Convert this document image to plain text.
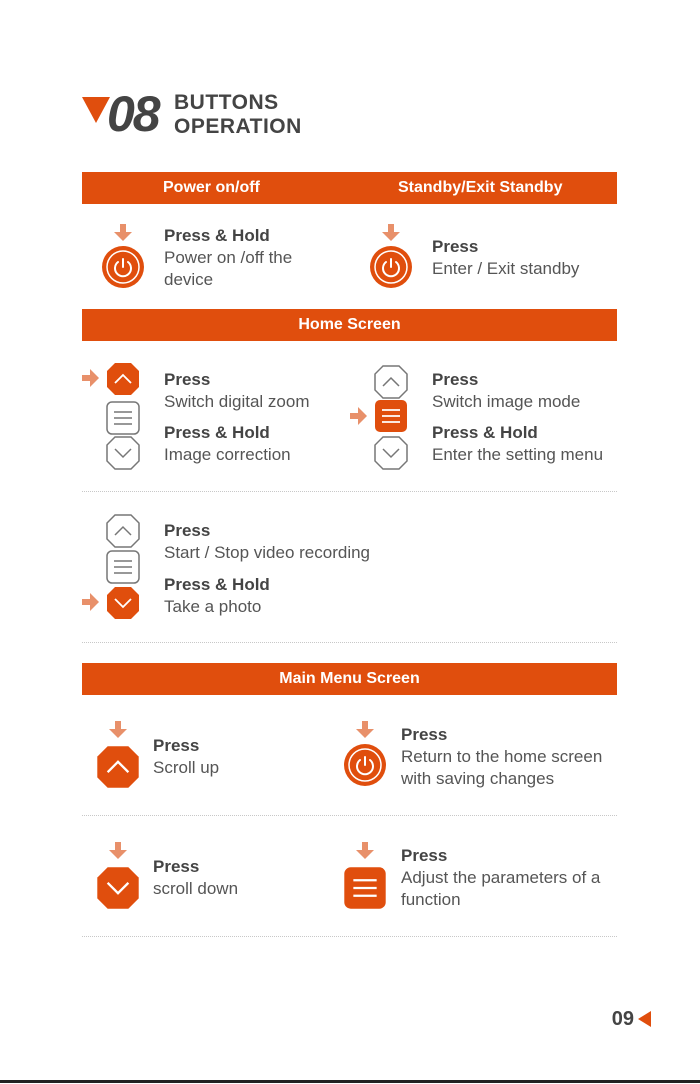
08 BUTTONS
OPERATION
Power on/off	Standby/Exit Standby
Press & Hold
Power on /off the
device
Press
Enter / Exit standby
Home Screen
Press
Switch digital zoom
Press & Hold
Image correction
Press
Switch image mode
Press & Hold
Enter the setting menu
Press
Start / Stop video recording
Press & Hold
Take a photo
Main Menu Screen
Press
Scroll up
Press
Return to the home screen
with saving changes
Press
scroll down
Press
Adjust the parameters of a
function
09
